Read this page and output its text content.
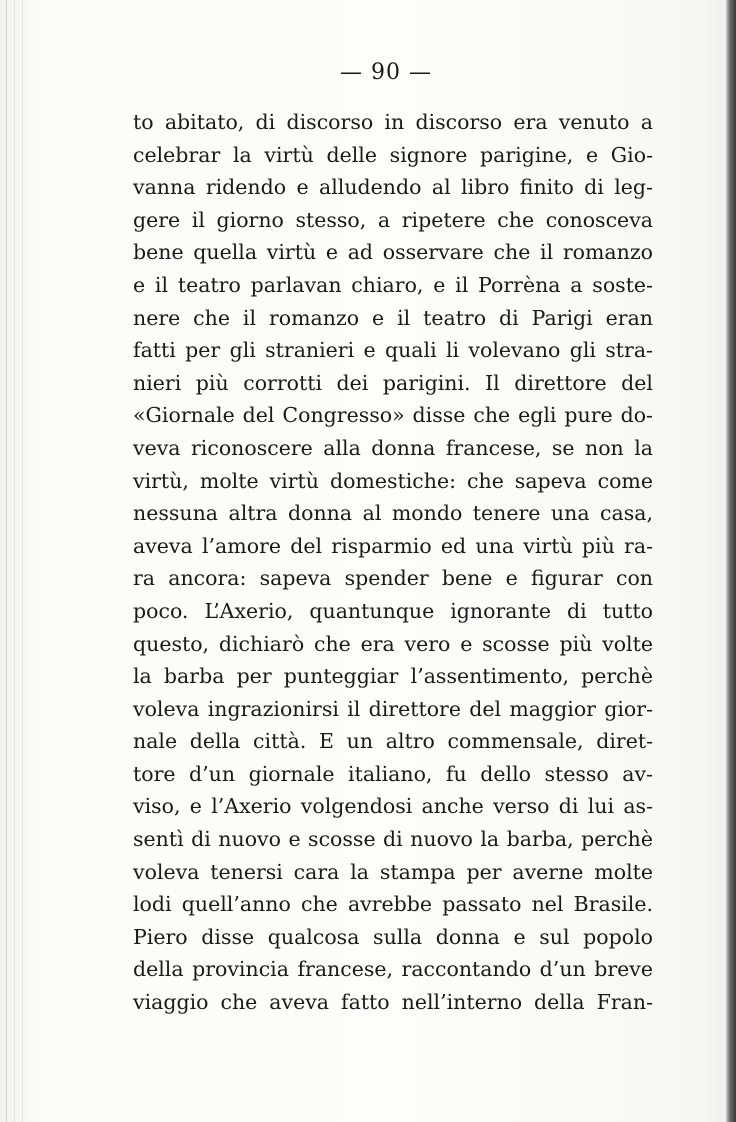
— 90 —
to abitato, di discorso in discorso era venuto a
celebrar la virtù delle signore parigine, e Gio-
vanna ridendo e alludendo al libro finito di leg-
gere il giorno stesso, a ripetere che conosceva
bene quella virtù e ad osservare che il romanzo
e il teatro parlavan chiaro, e il Porrèna a soste-
nere che il romanzo e il teatro di Parigi eran
fatti per gli stranieri e quali li volevano gli stra-
nieri più corrotti dei parigini. Il direttore del
«Giornale del Congresso» disse che egli pure do-
veva riconoscere alla donna francese, se non la
virtù, molte virtù domestiche: che sapeva come
nessuna altra donna al mondo tenere una casa,
aveva l’amore del risparmio ed una virtù più ra-
ra ancora: sapeva spender bene e figurar con
poco. L’Axerio, quantunque ignorante di tutto
questo, dichiarò che era vero e scosse più volte
la barba per punteggiar l’assentimento, perchè
voleva ingrazionirsi il direttore del maggior gior-
nale della città. E un altro commensale, diret-
tore d’un giornale italiano, fu dello stesso av-
viso, e l’Axerio volgendosi anche verso di lui as-
sentì di nuovo e scosse di nuovo la barba, perchè
voleva tenersi cara la stampa per averne molte
lodi quell’anno che avrebbe passato nel Brasile.
Piero disse qualcosa sulla donna e sul popolo
della provincia francese, raccontando d’un breve
viaggio che aveva fatto nell’interno della Fran-
